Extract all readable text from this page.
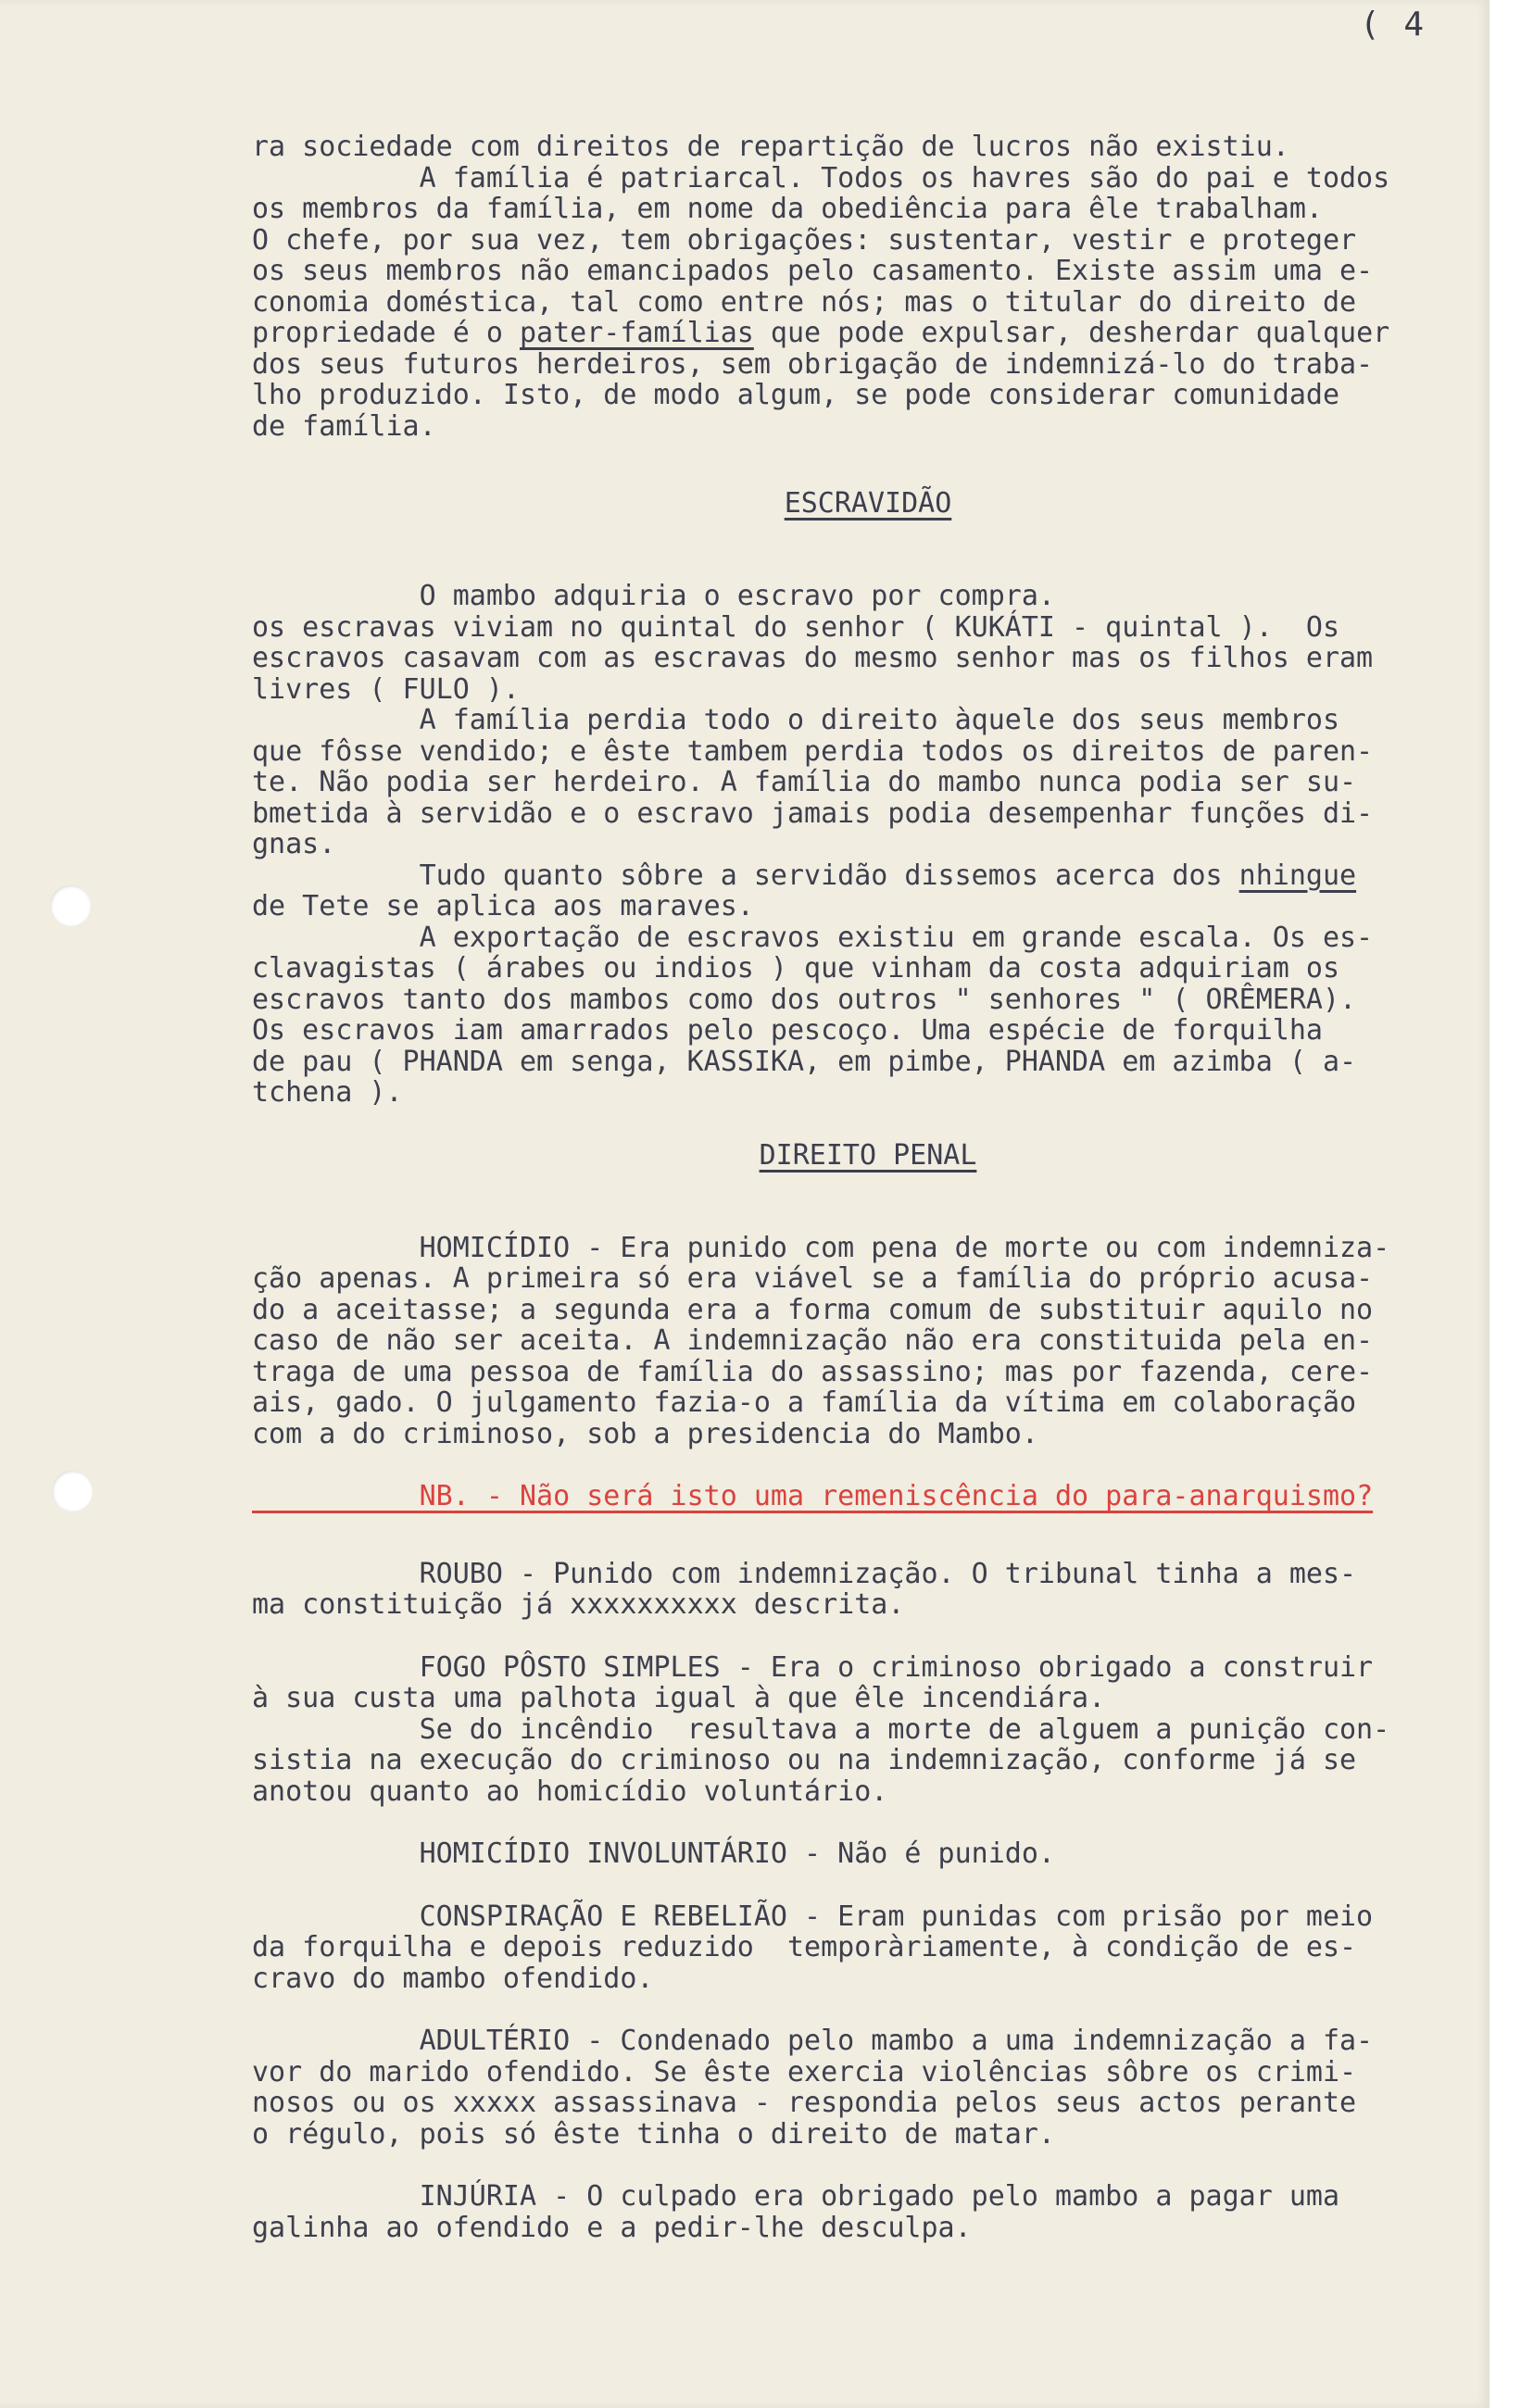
( 4
ra sociedade com direitos de repartição de lucros não existiu.
A família é patriarcal. Todos os havres são do pai e todos
os membros da família, em nome da obediência para êle trabalham.
O chefe, por sua vez, tem obrigações: sustentar, vestir e proteger
os seus membros não emancipados pelo casamento. Existe assim uma e-
conomia doméstica, tal como entre nós; mas o titular do direito de
propriedade é o pater-famílias que pode expulsar, desherdar qualquer
dos seus futuros herdeiros, sem obrigação de indemnizá-lo do traba-
lho produzido. Isto, de modo algum, se pode considerar comunidade
de família.
ESCRAVIDÃO
O mambo adquiria o escravo por compra.
os escravas viviam no quintal do senhor ( KUKÁTI - quintal ).  Os
escravos casavam com as escravas do mesmo senhor mas os filhos eram
livres ( FULO ).
A família perdia todo o direito àquele dos seus membros
que fôsse vendido; e êste tambem perdia todos os direitos de paren-
te. Não podia ser herdeiro. A família do mambo nunca podia ser su-
bmetida à servidão e o escravo jamais podia desempenhar funções di-
gnas.
Tudo quanto sôbre a servidão dissemos acerca dos nhingue
de Tete se aplica aos maraves.
A exportação de escravos existiu em grande escala. Os es-
clavagistas ( árabes ou indios ) que vinham da costa adquiriam os
escravos tanto dos mambos como dos outros " senhores " ( ORÊMERA).
Os escravos iam amarrados pelo pescoço. Uma espécie de forquilha
de pau ( PHANDA em senga, KASSIKA, em pimbe, PHANDA em azimba ( a-
tchena ).
DIREITO PENAL
HOMICÍDIO - Era punido com pena de morte ou com indemniza-
ção apenas. A primeira só era viável se a família do próprio acusa-
do a aceitasse; a segunda era a forma comum de substituir aquilo no
caso de não ser aceita. A indemnização não era constituida pela en-
traga de uma pessoa de família do assassino; mas por fazenda, cere-
ais, gado. O julgamento fazia-o a família da vítima em colaboração
com a do criminoso, sob a presidencia do Mambo.
NB. - Não será isto uma remeniscência do para-anarquismo?
ROUBO - Punido com indemnização. O tribunal tinha a mes-
ma constituição já xxxxxxxxxx descrita.
FOGO PÔSTO SIMPLES - Era o criminoso obrigado a construir
à sua custa uma palhota igual à que êle incendiára.
Se do incêndio  resultava a morte de alguem a punição con-
sistia na execução do criminoso ou na indemnização, conforme já se
anotou quanto ao homicídio voluntário.
HOMICÍDIO INVOLUNTÁRIO - Não é punido.
CONSPIRAÇÃO E REBELIÃO - Eram punidas com prisão por meio
da forquilha e depois reduzido  temporàriamente, à condição de es-
cravo do mambo ofendido.
ADULTÉRIO - Condenado pelo mambo a uma indemnização a fa-
vor do marido ofendido. Se êste exercia violências sôbre os crimi-
nosos ou os xxxxx assassinava - respondia pelos seus actos perante
o régulo, pois só êste tinha o direito de matar.
INJÚRIA - O culpado era obrigado pelo mambo a pagar uma
galinha ao ofendido e a pedir-lhe desculpa.
